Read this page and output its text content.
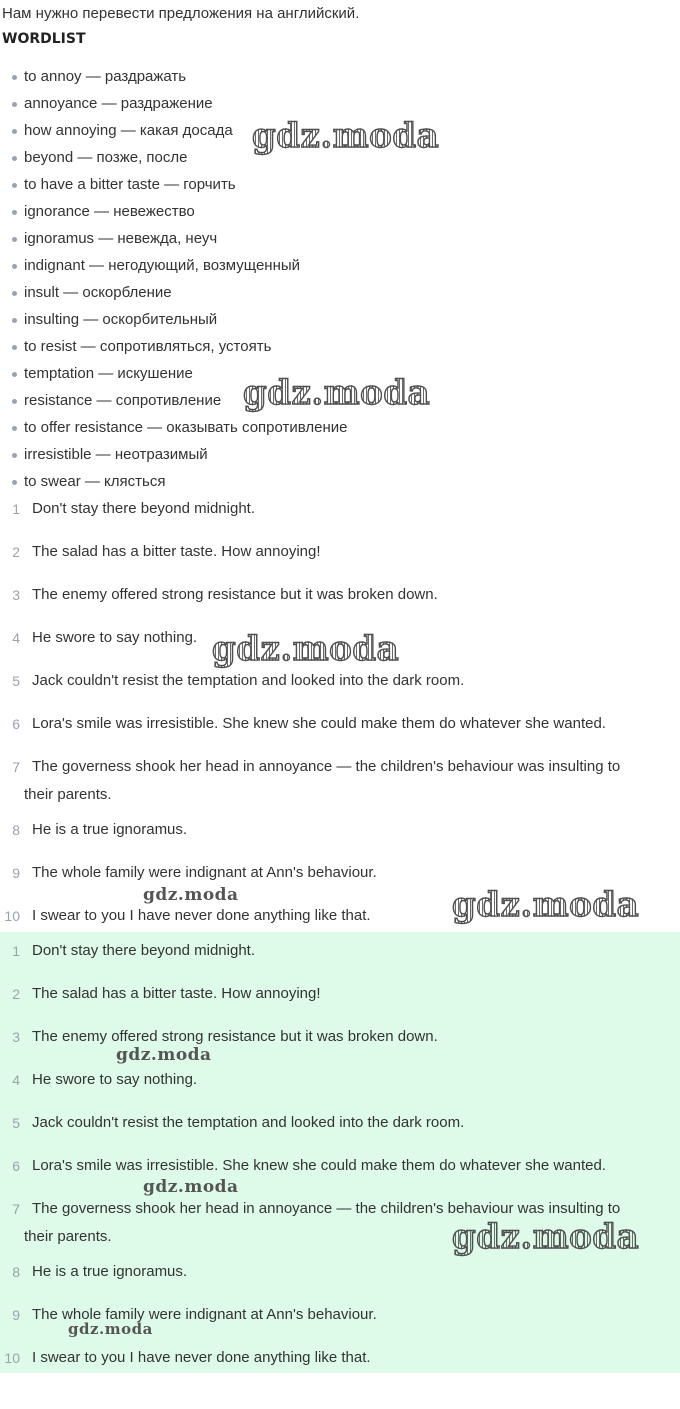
Нам нужно перевести предложения на английский.
WORDLIST
to annoy — раздражать
annoyance — раздражение
how annoying — какая досада
beyond — позже, после
to have a bitter taste — горчить
ignorance — невежество
ignoramus — невежда, неуч
indignant — негодующий, возмущенный
insult — оскорбление
insulting — оскорбительный
to resist — сопротивляться, устоять
temptation — искушение
resistance — сопротивление
to offer resistance — оказывать сопротивление
irresistible — неотразимый
to swear — клясться
1 Don't stay there beyond midnight.
2 The salad has a bitter taste. How annoying!
3 The enemy offered strong resistance but it was broken down.
4 He swore to say nothing.
5 Jack couldn't resist the temptation and looked into the dark room.
6 Lora's smile was irresistible. She knew she could make them do whatever she wanted.
7 The governess shook her head in annoyance — the children's behaviour was insulting to
their parents.
8 He is a true ignoramus.
9 The whole family were indignant at Ann's behaviour.
10 I swear to you I have never done anything like that.
1 Don't stay there beyond midnight.
2 The salad has a bitter taste. How annoying!
3 The enemy offered strong resistance but it was broken down.
4 He swore to say nothing.
5 Jack couldn't resist the temptation and looked into the dark room.
6 Lora's smile was irresistible. She knew she could make them do whatever she wanted.
7 The governess shook her head in annoyance — the children's behaviour was insulting to
their parents.
8 He is a true ignoramus.
9 The whole family were indignant at Ann's behaviour.
10 I swear to you I have never done anything like that.
gdz.moda
gdz.moda
gdz.moda
gdz.moda	gdz.moda
gdz.moda
gdz.moda
gdz.moda
gdz.moda
